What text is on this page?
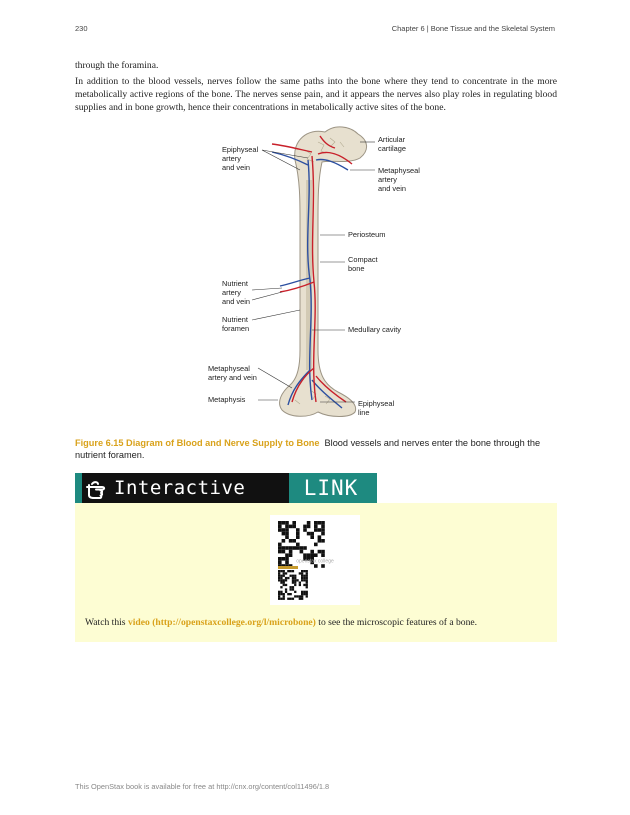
230	Chapter 6 | Bone Tissue and the Skeletal System

through the foramina.

In addition to the blood vessels, nerves follow the same paths into the bone where they tend to concentrate in the more metabolically active regions of the bone. The nerves sense pain, and it appears the nerves also play roles in regulating blood supplies and in bone growth, hence their concentrations in metabolically active sites of the bone.

Epiphyseal artery and vein
Nutrient artery and vein
Nutrient foramen
Metaphyseal artery and vein
Metaphysis
Articular cartilage
Metaphyseal artery and vein
Periosteum
Compact bone
Medullary cavity
Epiphyseal line
Figure 6.15 Diagram of Blood and Nerve Supply to Bone Blood vessels and nerves enter the bone through the nutrient foramen.
Interactive	LINK
openstax college
Watch this video (http://openstaxcollege.org/l/microbone) to see the microscopic features of a bone.
This OpenStax book is available for free at http://cnx.org/content/col11496/1.8
